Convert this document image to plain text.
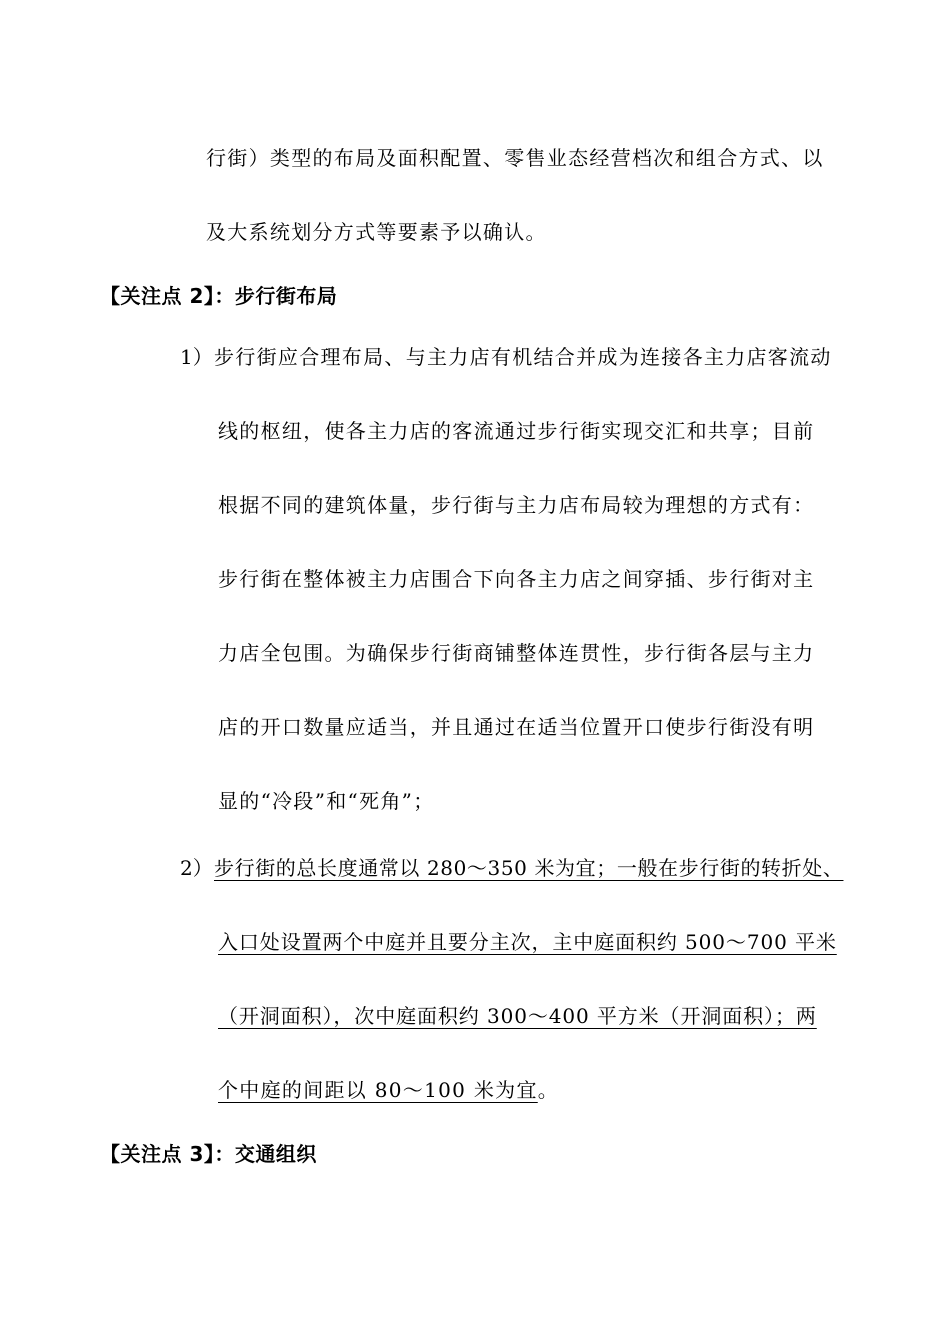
行街）类型的布局及面积配置、零售业态经营档次和组合方式、以
及大系统划分方式等要素予以确认。
【关注点 2】：步行街布局
1） 步行街应合理布局、与主力店有机结合并成为连接各主力店客流动
线的枢纽，使各主力店的客流通过步行街实现交汇和共享；目前
根据不同的建筑体量，步行街与主力店布局较为理想的方式有：
步行街在整体被主力店围合下向各主力店之间穿插、步行街对主
力店全包围。为确保步行街商铺整体连贯性，步行街各层与主力
店的开口数量应适当，并且通过在适当位置开口使步行街没有明
显的“冷段”和“死角”；
2） 步行街的总长度通常以 280～350 米为宜；一般在步行街的转折处、
入口处设置两个中庭并且要分主次，主中庭面积约 500～700 平米
（开洞面积），次中庭面积约 300～400 平方米（开洞面积）；两
个中庭的间距以 80～100 米为宜。
【关注点 3】：交通组织
